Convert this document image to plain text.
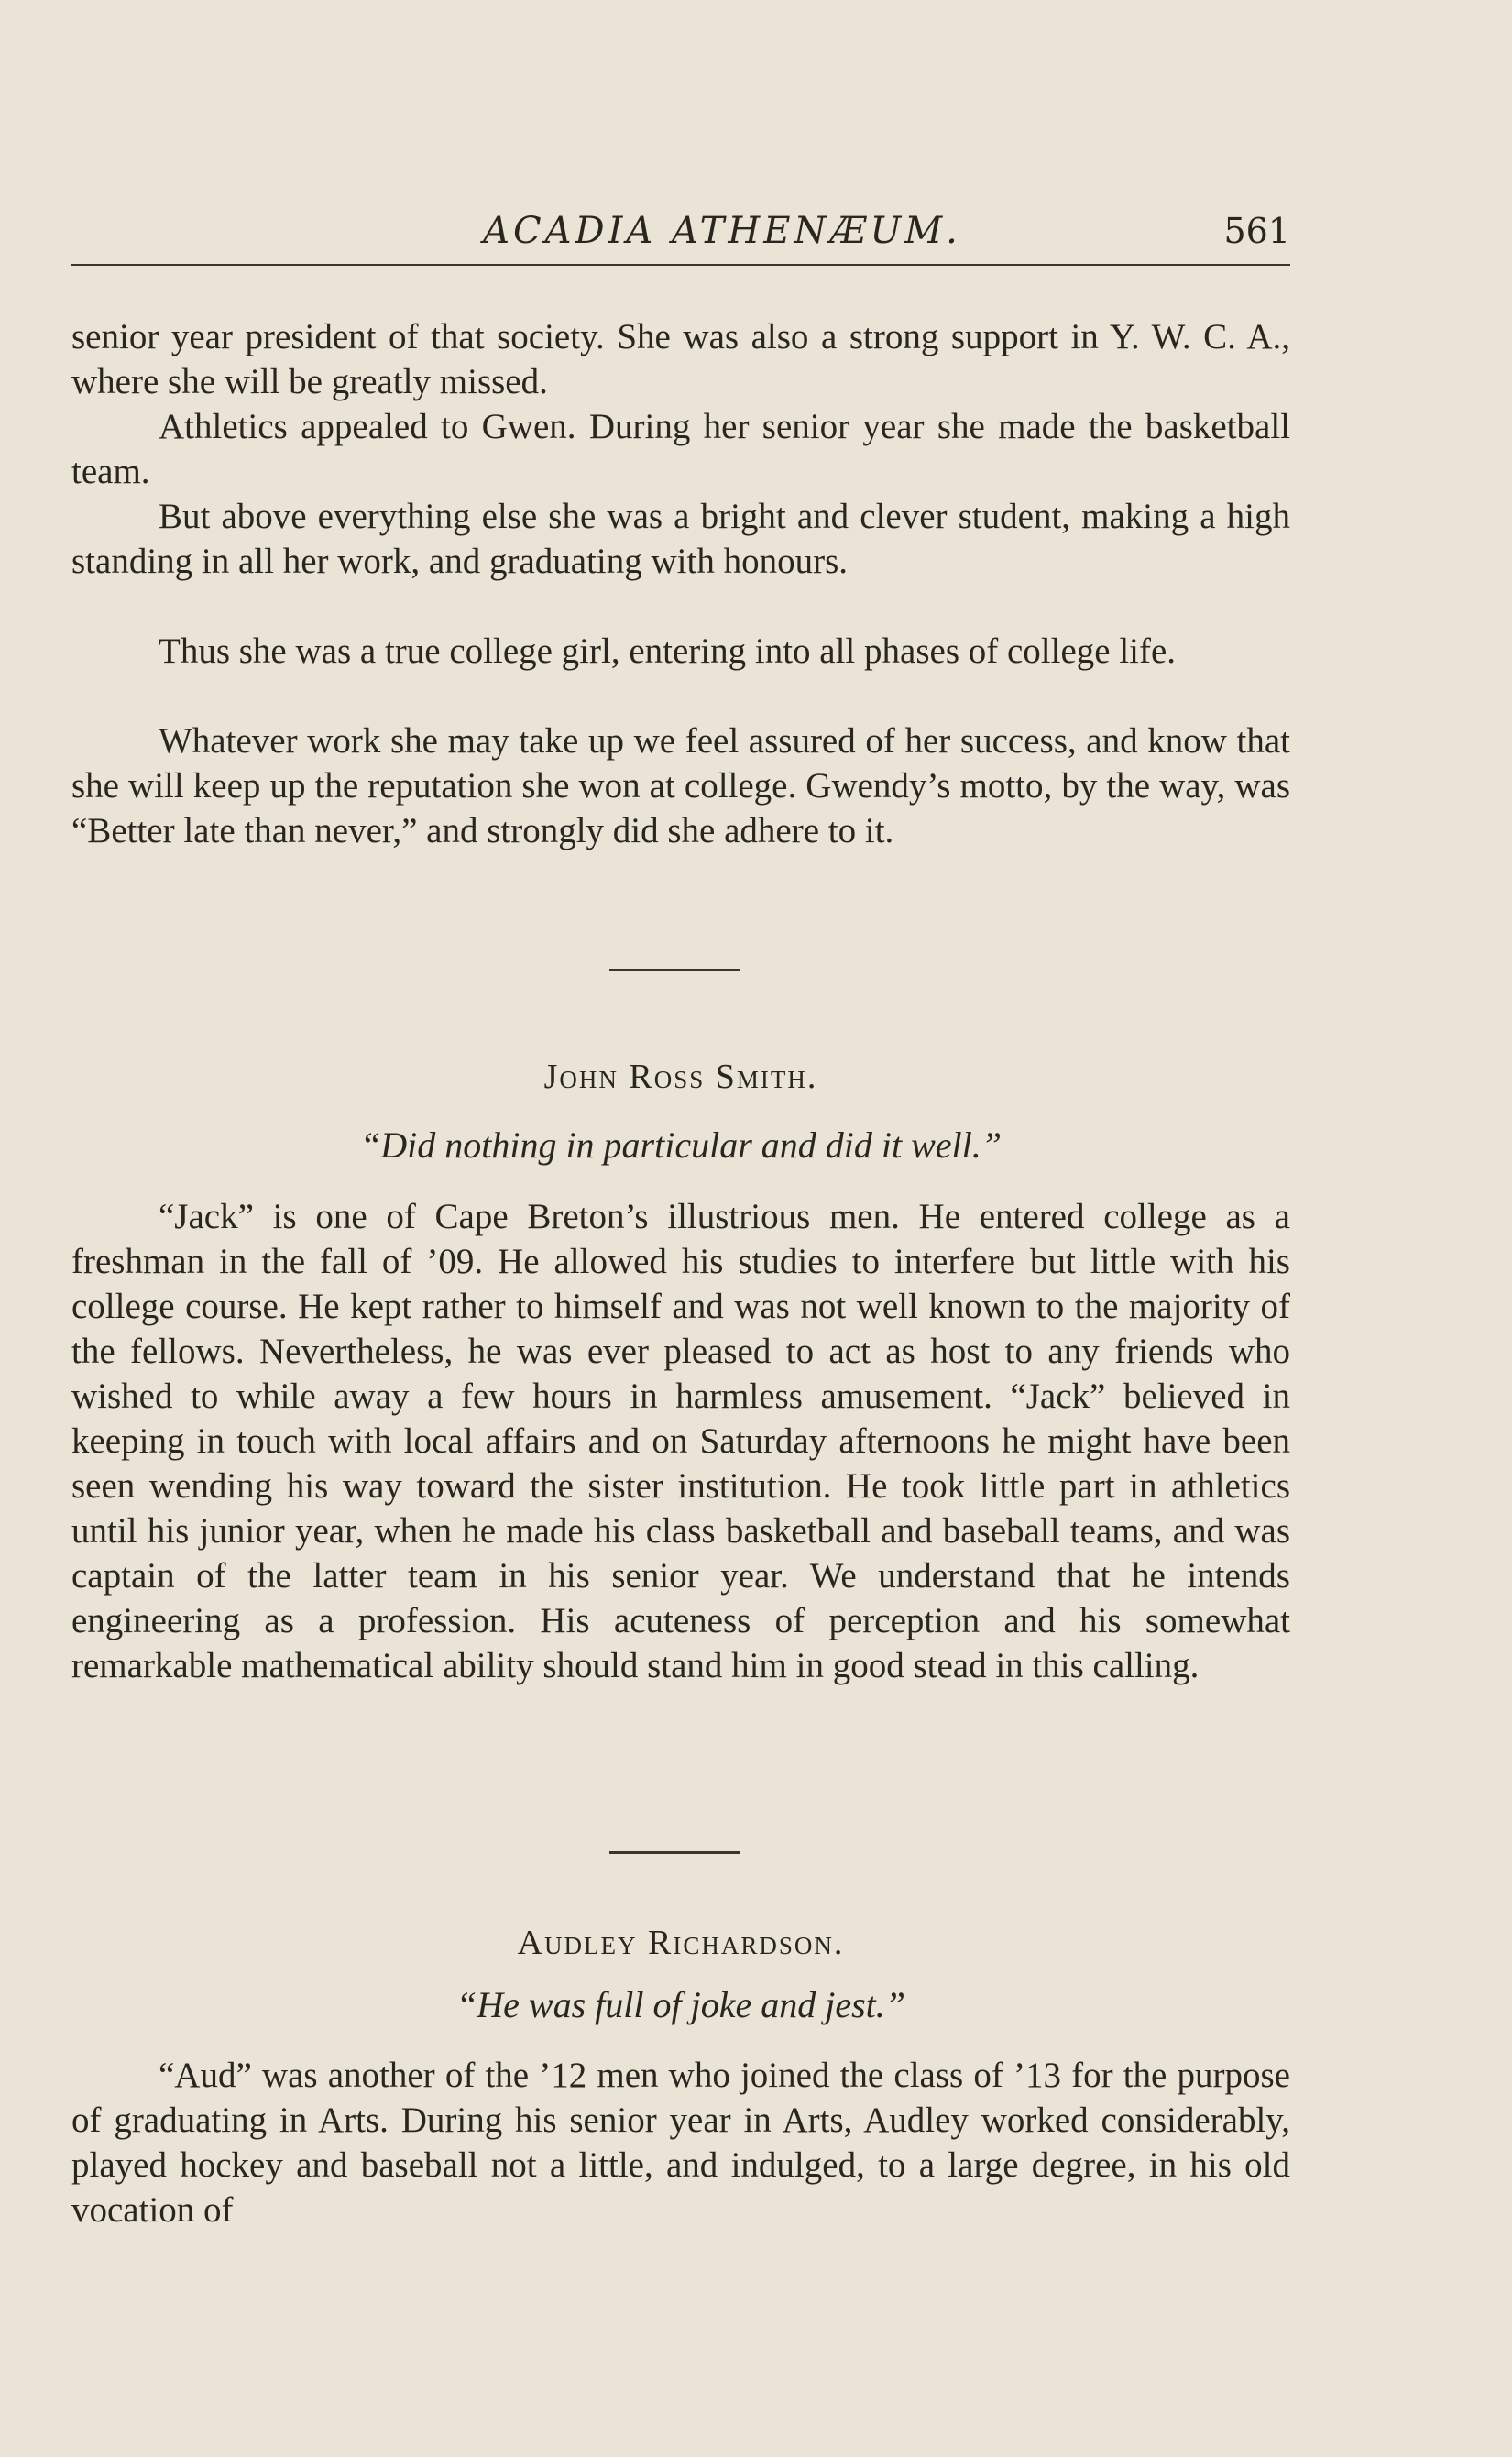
ACADIA ATHENÆUM.	561

senior year president of that society. She was also a strong support in Y. W. C. A., where she will be greatly missed.

Athletics appealed to Gwen. During her senior year she made the basketball team.

But above everything else she was a bright and clever student, making a high standing in all her work, and graduating with honours.

Thus she was a true college girl, entering into all phases of college life.

Whatever work she may take up we feel assured of her success, and know that she will keep up the reputation she won at college. Gwendy’s motto, by the way, was “Better late than never,” and strongly did she adhere to it.

John Ross Smith.
“Did nothing in particular and did it well.”

“Jack” is one of Cape Breton’s illustrious men. He entered college as a freshman in the fall of ’09. He allowed his studies to interfere but little with his college course. He kept rather to himself and was not well known to the majority of the fellows. Nevertheless, he was ever pleased to act as host to any friends who wished to while away a few hours in harmless amusement. “Jack” believed in keeping in touch with local affairs and on Saturday afternoons he might have been seen wending his way toward the sister institution. He took little part in athletics until his junior year, when he made his class basketball and baseball teams, and was captain of the latter team in his senior year. We understand that he intends engineering as a profession. His acuteness of perception and his somewhat remarkable mathematical ability should stand him in good stead in this calling.

Audley Richardson.
“He was full of joke and jest.”

“Aud” was another of the ’12 men who joined the class of ’13 for the purpose of graduating in Arts. During his senior year in Arts, Audley worked considerably, played hockey and baseball not a little, and indulged, to a large degree, in his old vocation of
